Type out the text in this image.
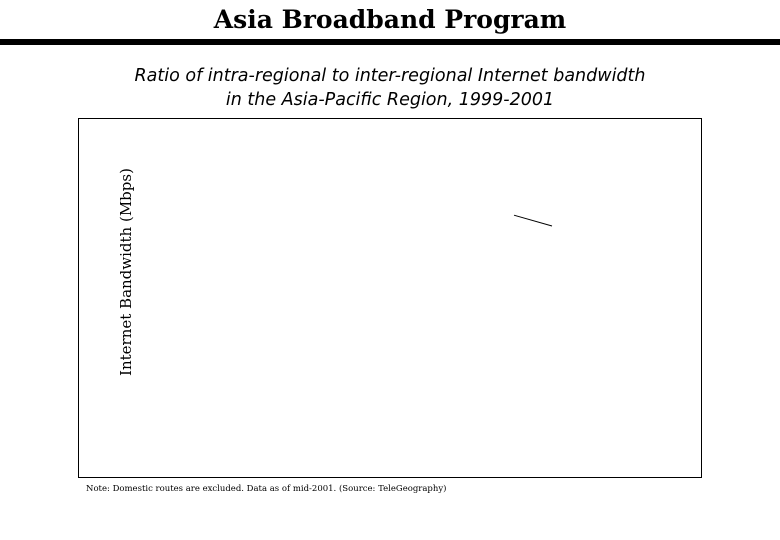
Asia Broadband Program
Ratio of intra-regional to inter-regional Internet bandwidth
in the Asia-Pacific Region, 1999-2001
Internet Bandwidth (Mbps)
Note: Domestic routes are excluded. Data as of mid-2001. (Source: TeleGeography)
